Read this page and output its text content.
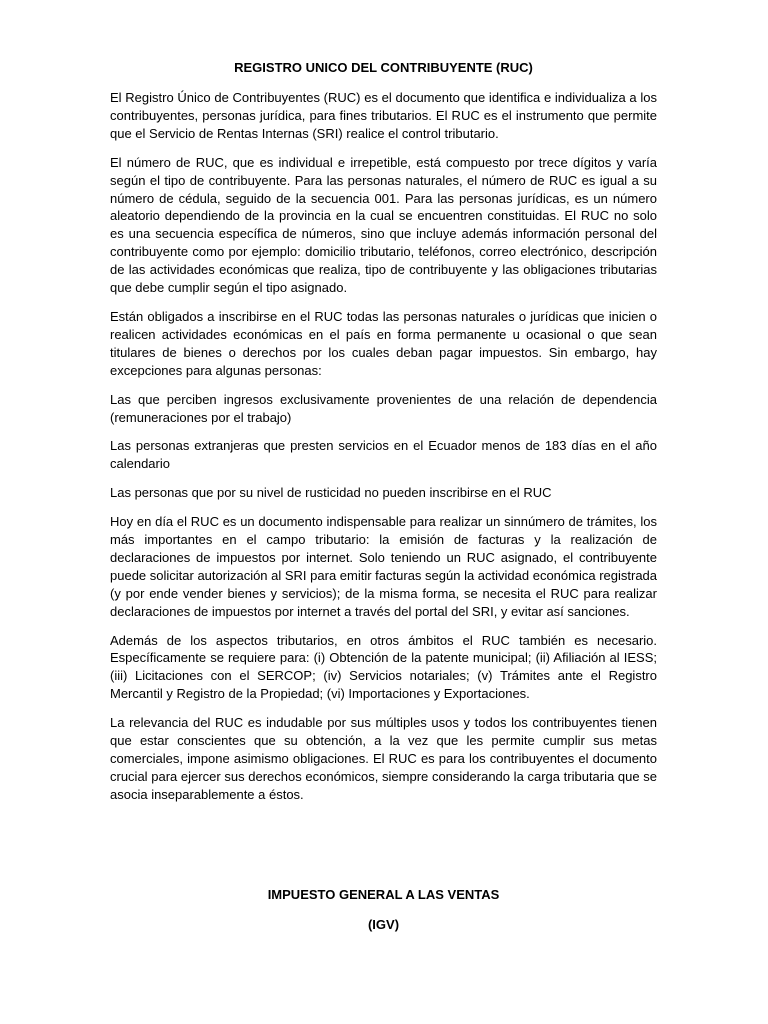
REGISTRO UNICO DEL CONTRIBUYENTE (RUC)

El Registro Único de Contribuyentes (RUC) es el documento que identifica e individualiza a los contribuyentes, personas jurídica, para fines tributarios. El RUC es el instrumento que permite que el Servicio de Rentas Internas (SRI) realice el control tributario.

El número de RUC, que es individual e irrepetible, está compuesto por trece dígitos y varía según el tipo de contribuyente. Para las personas naturales, el número de RUC es igual a su número de cédula, seguido de la secuencia 001. Para las personas jurídicas, es un número aleatorio dependiendo de la provincia en la cual se encuentren constituidas. El RUC no solo es una secuencia específica de números, sino que incluye además información personal del contribuyente como por ejemplo: domicilio tributario, teléfonos, correo electrónico, descripción de las actividades económicas que realiza, tipo de contribuyente y las obligaciones tributarias que debe cumplir según el tipo asignado.

Están obligados a inscribirse en el RUC todas las personas naturales o jurídicas que inicien o realicen actividades económicas en el país en forma permanente u ocasional o que sean titulares de bienes o derechos por los cuales deban pagar impuestos. Sin embargo, hay excepciones para algunas personas:

Las que perciben ingresos exclusivamente provenientes de una relación de dependencia (remuneraciones por el trabajo)

Las personas extranjeras que presten servicios en el Ecuador menos de 183 días en el año calendario

Las personas que por su nivel de rusticidad no pueden inscribirse en el RUC

Hoy en día el RUC es un documento indispensable para realizar un sinnúmero de trámites, los más importantes en el campo tributario: la emisión de facturas y la realización de declaraciones de impuestos por internet. Solo teniendo un RUC asignado, el contribuyente puede solicitar autorización al SRI para emitir facturas según la actividad económica registrada (y por ende vender bienes y servicios); de la misma forma, se necesita el RUC para realizar declaraciones de impuestos por internet a través del portal del SRI, y evitar así sanciones.

Además de los aspectos tributarios, en otros ámbitos el RUC también es necesario. Específicamente se requiere para: (i) Obtención de la patente municipal; (ii) Afiliación al IESS; (iii) Licitaciones con el SERCOP; (iv) Servicios notariales; (v) Trámites ante el Registro Mercantil y Registro de la Propiedad; (vi) Importaciones y Exportaciones.

La relevancia del RUC es indudable por sus múltiples usos y todos los contribuyentes tienen que estar conscientes que su obtención, a la vez que les permite cumplir sus metas comerciales, impone asimismo obligaciones. El RUC es para los contribuyentes el documento crucial para ejercer sus derechos económicos, siempre considerando la carga tributaria que se asocia inseparablemente a éstos.

IMPUESTO GENERAL A LAS VENTAS
(IGV)
